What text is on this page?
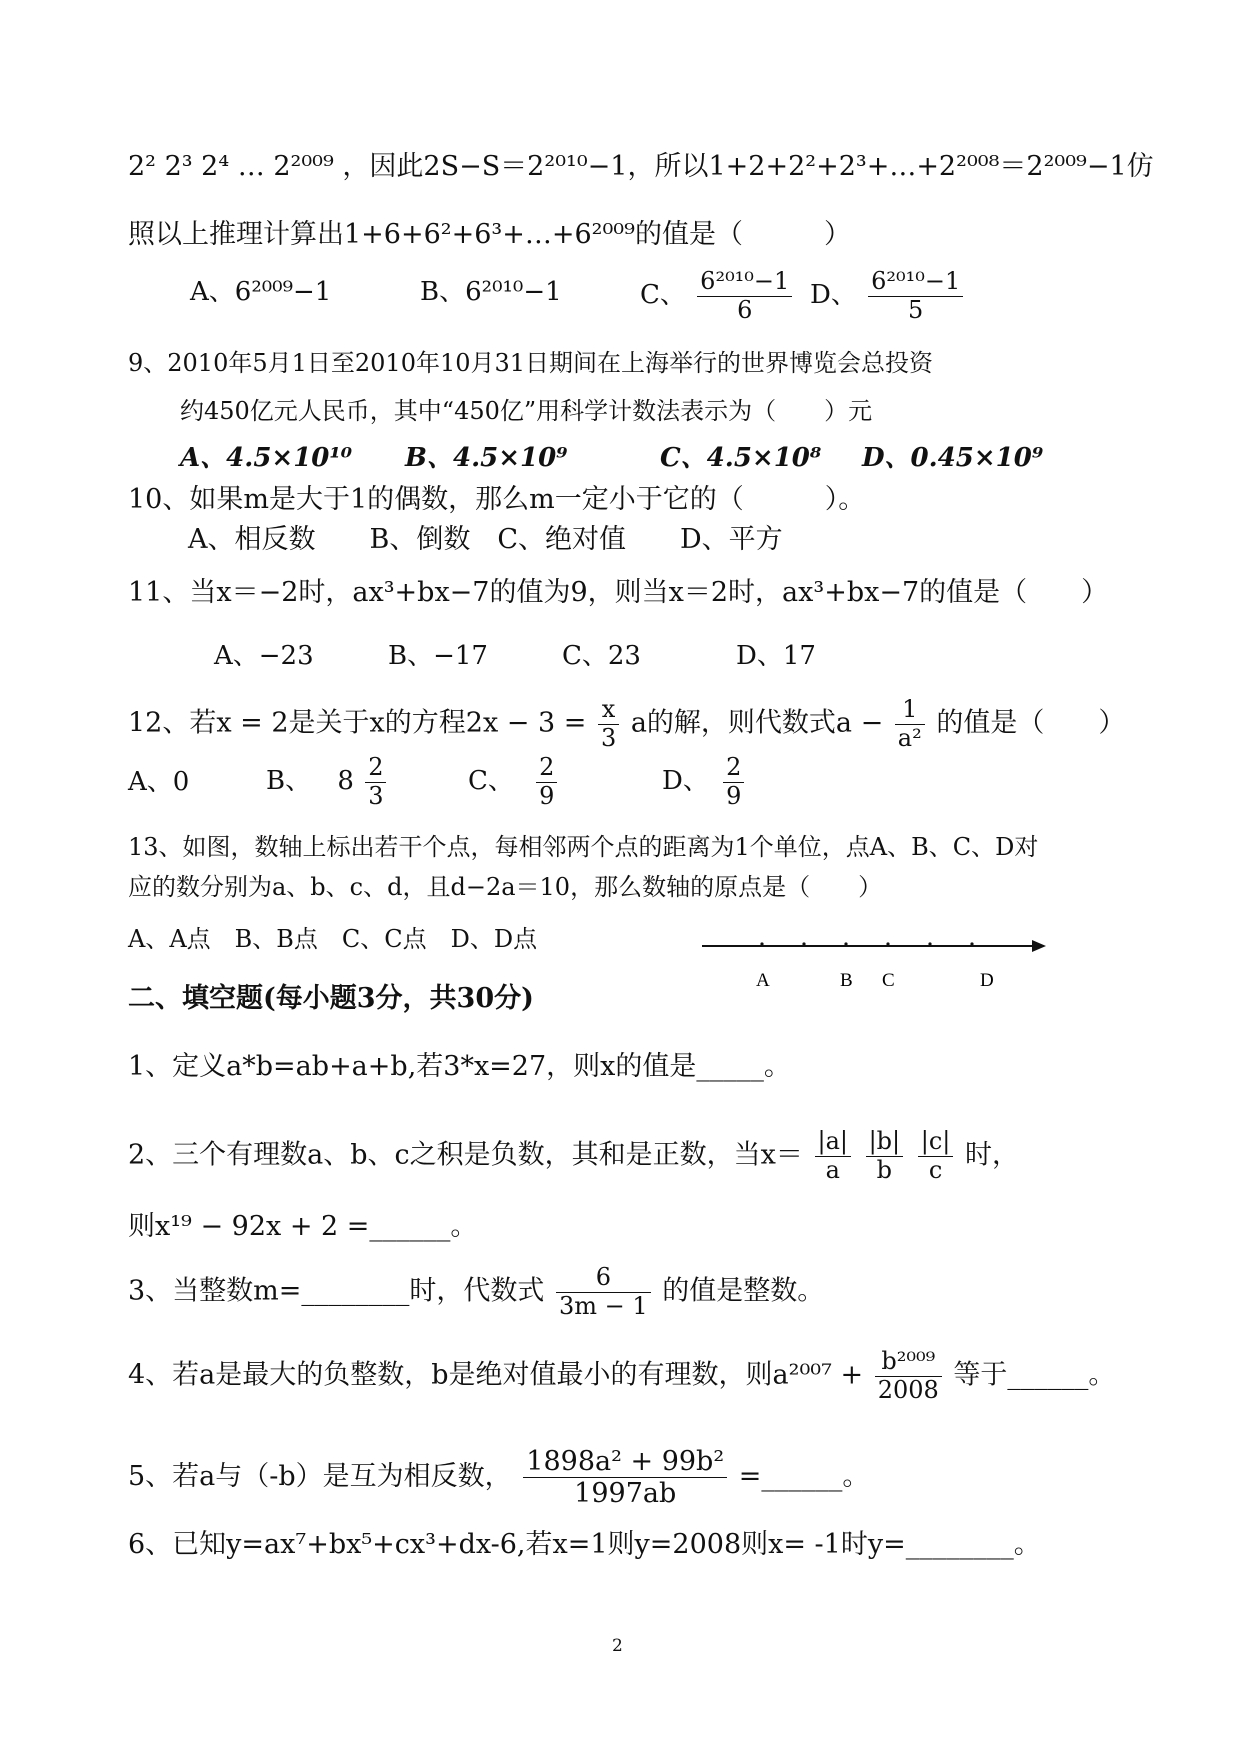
2² 2³ 2⁴ … 2²⁰⁰⁹ ，因此2S−S＝2²⁰¹⁰−1，所以1+2+2²+2³+…+2²⁰⁰⁸＝2²⁰⁰⁹−1仿
照以上推理计算出1+6+6²+6³+…+6²⁰⁰⁹的值是（　　　）
A、6²⁰⁰⁹−1	B、6²⁰¹⁰−1	C、 $\frac{\text{6²⁰¹⁰−1}}{6}$ D、 $\frac{\text{6²⁰¹⁰−1}}{5}$
9、2010年5月1日至2010年10月31日期间在上海举行的世界博览会总投资
约450亿元人民币，其中“450亿”用科学计数法表示为（　　）元
A、4.5×10¹⁰ B、4.5×10⁹	C、4.5×10⁸ D、0.45×10⁹
10、如果m是大于1的偶数，那么m一定小于它的（　　　）。
A、相反数　　B、倒数　C、绝对值　　D、平方
11、当x＝−2时，ax³+bx−7的值为9，则当x＝2时，ax³+bx−7的值是（　　）
A、−23	B、−17	C、23	D、17
12、若x = 2是关于x的方程$2x - 3 = \frac{x}{3}$ a的解，则代数式$a - \frac{1}{\text{a²}}$ 的值是（　　）
A、0	B、 $8 \frac{2}{3}$	C、 $\frac{2}{9}$	D、 $\frac{2}{9}$
13、如图，数轴上标出若干个点，每相邻两个点的距离为1个单位，点A、B、C、D对
应的数分别为a、b、c、d，且d−2a＝10，那么数轴的原点是（　　）
A、A点　B、B点　C、C点　D、D点
A	B C	D
二、填空题(每小题3分，共30分)
1、定义a*b=ab+a+b,若3*x=27，则x的值是_____。
2、三个有理数a、b、c之积是负数，其和是正数，当$x= \frac{|a|}{a}$
$\frac{|b|}{b}$
$\frac{|c|}{c}$ 时，
则x¹⁹ − 92x + 2 =______。
3、当整数m=________时，代数式 $\frac{6}{3m - 1}$ 的值是整数。
4、若a是最大的负整数，b是绝对值最小的有理数，则$a^{2007} + \frac{\text{b²⁰⁰⁹}}{2008}$ 等于______。
5、若a与（-b）是互为相反数， $\frac{\text{1898a² + 99b²}}{1997ab}$ =______。
6、已知y=ax⁷+bx⁵+cx³+dx-6,若x=1则y=2008则x= -1时y=________。
2
